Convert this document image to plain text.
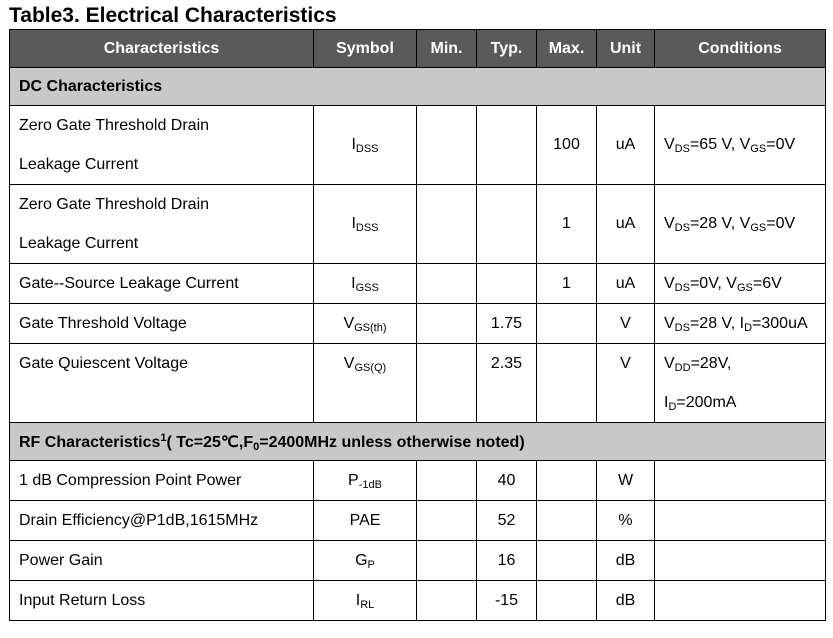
Table3. Electrical Characteristics
Characteristics	Symbol	Min.	Typ.	Max.	Unit	Conditions
DC Characteristics						
Zero Gate Threshold Drain
Leakage Current	$I_{DSS}$			100	uA	$V_{DS}=65$ V, $V_{GS}=0V$
Zero Gate Threshold Drain
Leakage Current	$I_{DSS}$			1	uA	$V_{DS}=28$ V, $V_{GS}=0V$
Gate--Source Leakage Current	$I_{GSS}$			1	uA	$V_{DS}=0V$, $V_{GS}=6V$
Gate Threshold Voltage	$V_{GS(th)}$		1.75		V	$V_{DS}=28$ V, $I_D=300uA$
Gate Quiescent Voltage	$V_{GS(Q)}$		2.35		V	$V_{DD}=28V$,
$I_D=200mA$
RF Characteristics$^1$( $Tc=25℃,F_0=2400MHz$ unless otherwise noted)						
1 dB Compression Point Power	$P_{-1dB}$		40		W	
Drain Efficiency@P1dB,1615MHz	PAE		52		%	
Power Gain	$G_P$		16		dB	
Input Return Loss	$I_{RL}$		-15		dB	
